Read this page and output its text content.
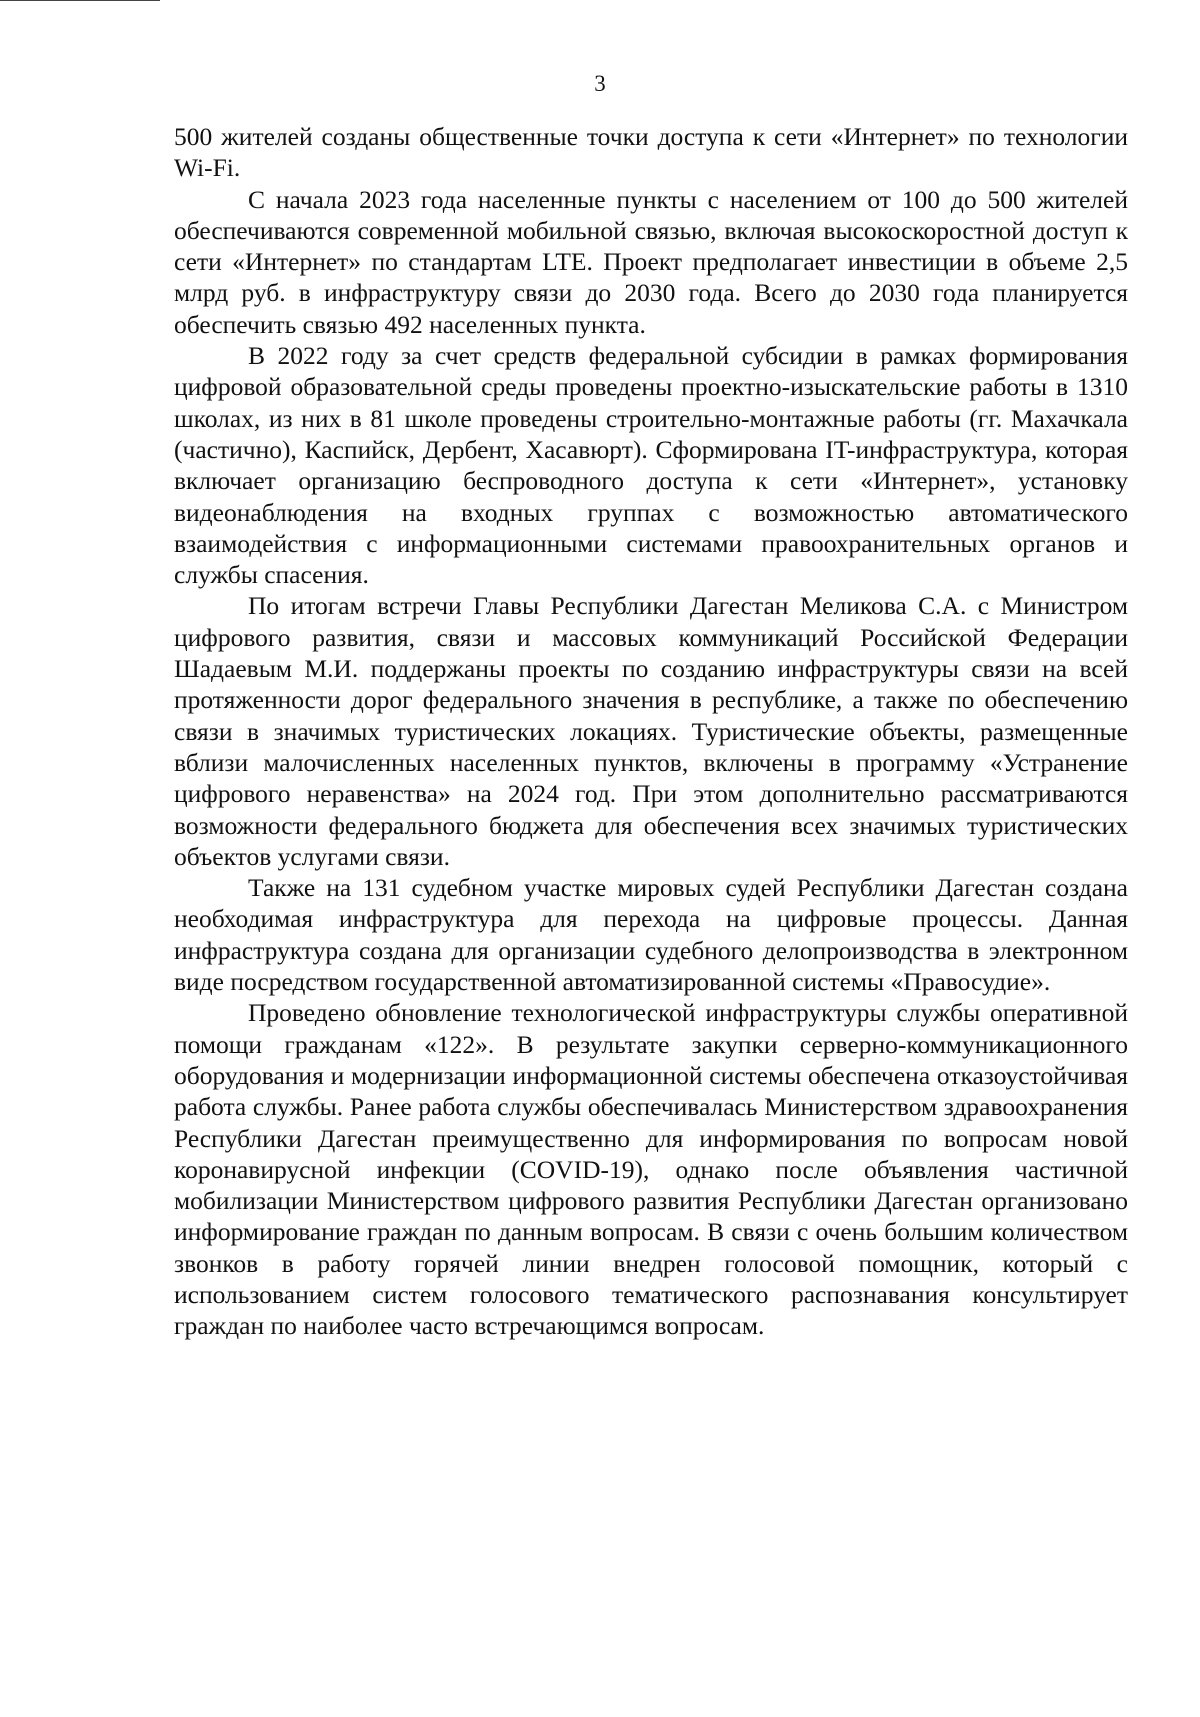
3

500 жителей созданы общественные точки доступа к сети «Интернет» по технологии Wi-Fi.

С начала 2023 года населенные пункты с населением от 100 до 500 жителей обеспечиваются современной мобильной связью, включая высокоскоростной доступ к сети «Интернет» по стандартам LTE. Проект предполагает инвестиции в объеме 2,5 млрд руб. в инфраструктуру связи до 2030 года. Всего до 2030 года планируется обеспечить связью 492 населенных пункта.

В 2022 году за счет средств федеральной субсидии в рамках формирования цифровой образовательной среды проведены проектно-изыскательские работы в 1310 школах, из них в 81 школе проведены строительно-монтажные работы (гг. Махачкала (частично), Каспийск, Дербент, Хасавюрт). Сформирована IT-инфраструктура, которая включает организацию беспроводного доступа к сети «Интернет», установку видеонаблюдения на входных группах с возможностью автоматического взаимодействия с информационными системами правоохранительных органов и службы спасения.

По итогам встречи Главы Республики Дагестан Меликова С.А. с Министром цифрового развития, связи и массовых коммуникаций Российской Федерации Шадаевым М.И. поддержаны проекты по созданию инфраструктуры связи на всей протяженности дорог федерального значения в республике, а также по обеспечению связи в значимых туристических локациях. Туристические объекты, размещенные вблизи малочисленных населенных пунктов, включены в программу «Устранение цифрового неравенства» на 2024 год. При этом дополнительно рассматриваются возможности федерального бюджета для обеспечения всех значимых туристических объектов услугами связи.

Также на 131 судебном участке мировых судей Республики Дагестан создана необходимая инфраструктура для перехода на цифровые процессы. Данная инфраструктура создана для организации судебного делопроизводства в электронном виде посредством государственной автоматизированной системы «Правосудие».

Проведено обновление технологической инфраструктуры службы оперативной помощи гражданам «122». В результате закупки серверно-коммуникационного оборудования и модернизации информационной системы обеспечена отказоустойчивая работа службы. Ранее работа службы обеспечивалась Министерством здравоохранения Республики Дагестан преимущественно для информирования по вопросам новой коронавирусной инфекции (COVID-19), однако после объявления частичной мобилизации Министерством цифрового развития Республики Дагестан организовано информирование граждан по данным вопросам. В связи с очень большим количеством звонков в работу горячей линии внедрен голосовой помощник, который с использованием систем голосового тематического распознавания консультирует граждан по наиболее часто встречающимся вопросам.
